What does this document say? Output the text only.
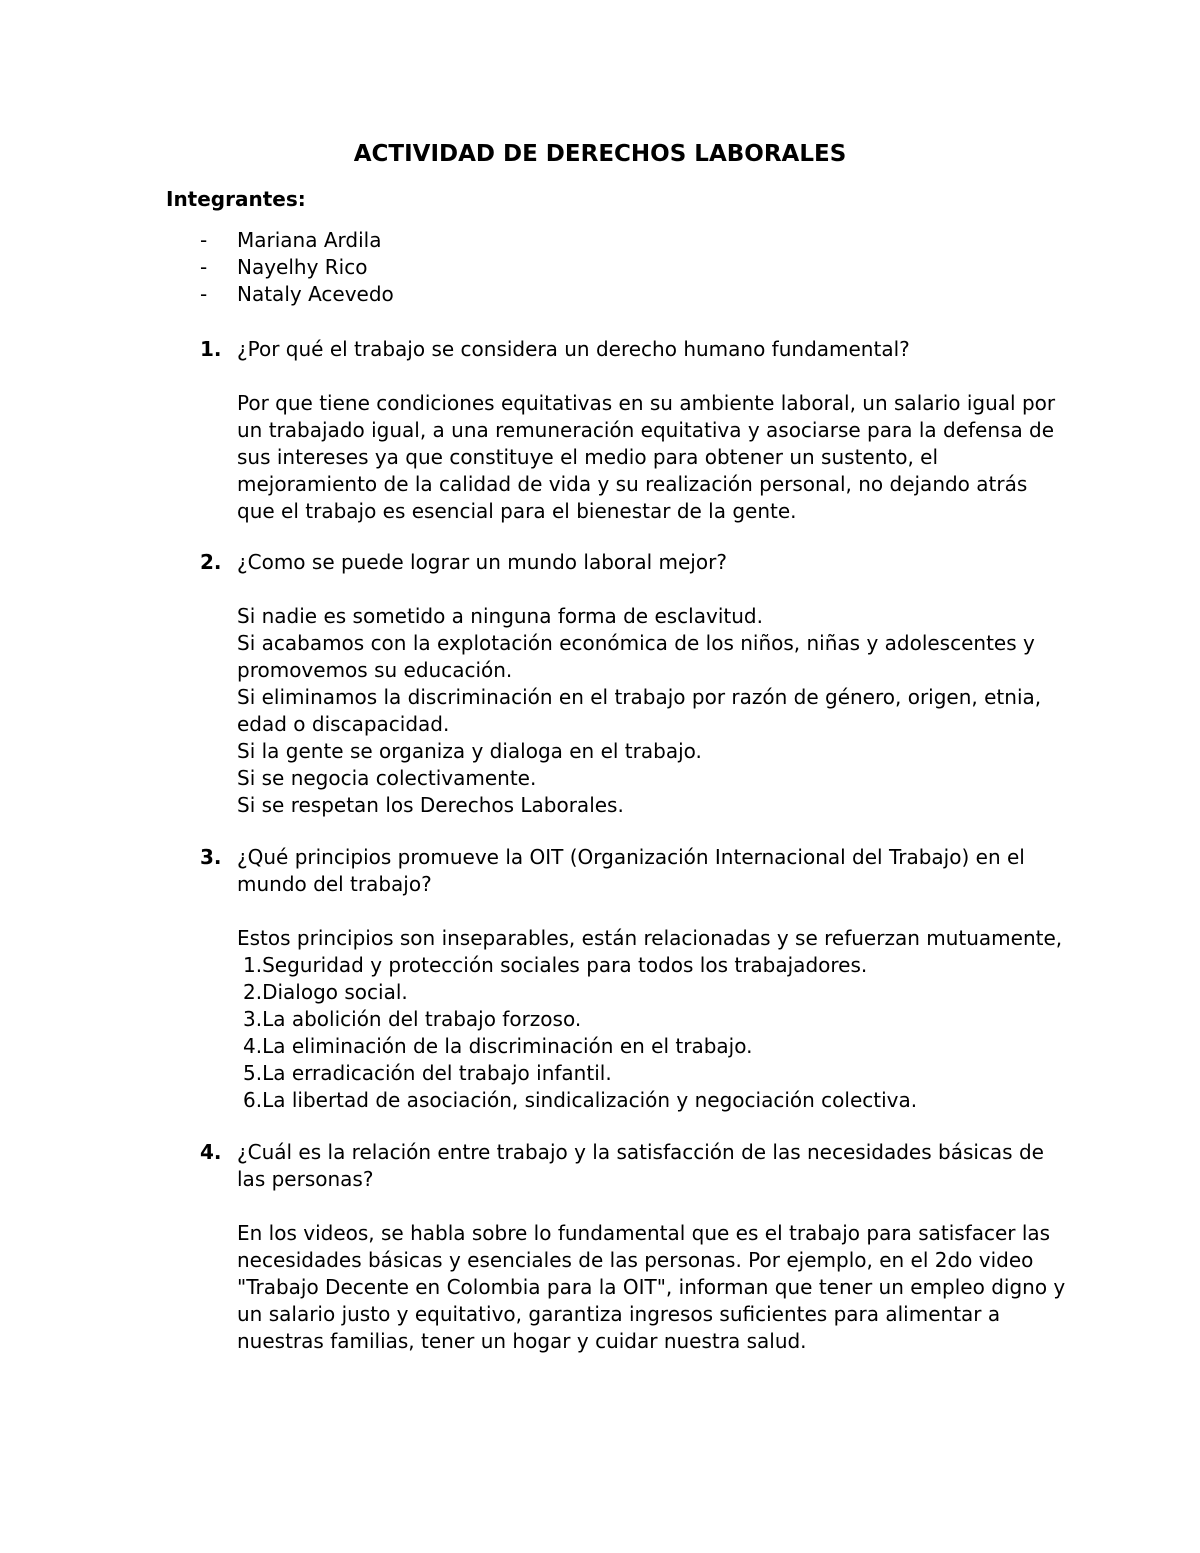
ACTIVIDAD DE DERECHOS LABORALES
Integrantes:
-	Mariana Ardila
-	Nayelhy Rico
-	Nataly Acevedo
1. ¿Por qué el trabajo se considera un derecho humano fundamental?
Por que tiene condiciones equitativas en su ambiente laboral, un salario igual por un trabajado igual, a una remuneración equitativa y asociarse para la defensa de sus intereses ya que constituye el medio para obtener un sustento, el mejoramiento de la calidad de vida y su realización personal, no dejando atrás que el trabajo es esencial para el bienestar de la gente.
2. ¿Como se puede lograr un mundo laboral mejor?
Si nadie es sometido a ninguna forma de esclavitud.
Si acabamos con la explotación económica de los niños, niñas y adolescentes y promovemos su educación.
Si eliminamos la discriminación en el trabajo por razón de género, origen, etnia, edad o discapacidad.
Si la gente se organiza y dialoga en el trabajo.
Si se negocia colectivamente.
Si se respetan los Derechos Laborales.
3. ¿Qué principios promueve la OIT (Organización Internacional del Trabajo) en el mundo del trabajo?
Estos principios son inseparables, están relacionadas y se refuerzan mutuamente,
1.Seguridad y protección sociales para todos los trabajadores.
2.Dialogo social.
3.La abolición del trabajo forzoso.
4.La eliminación de la discriminación en el trabajo.
5.La erradicación del trabajo infantil.
6.La libertad de asociación, sindicalización y negociación colectiva.
4. ¿Cuál es la relación entre trabajo y la satisfacción de las necesidades básicas de las personas?
En los videos, se habla sobre lo fundamental que es el trabajo para satisfacer las necesidades básicas y esenciales de las personas. Por ejemplo, en el 2do video "Trabajo Decente en Colombia para la OIT", informan que tener un empleo digno y un salario justo y equitativo, garantiza ingresos suficientes para alimentar a nuestras familias, tener un hogar y cuidar nuestra salud.
